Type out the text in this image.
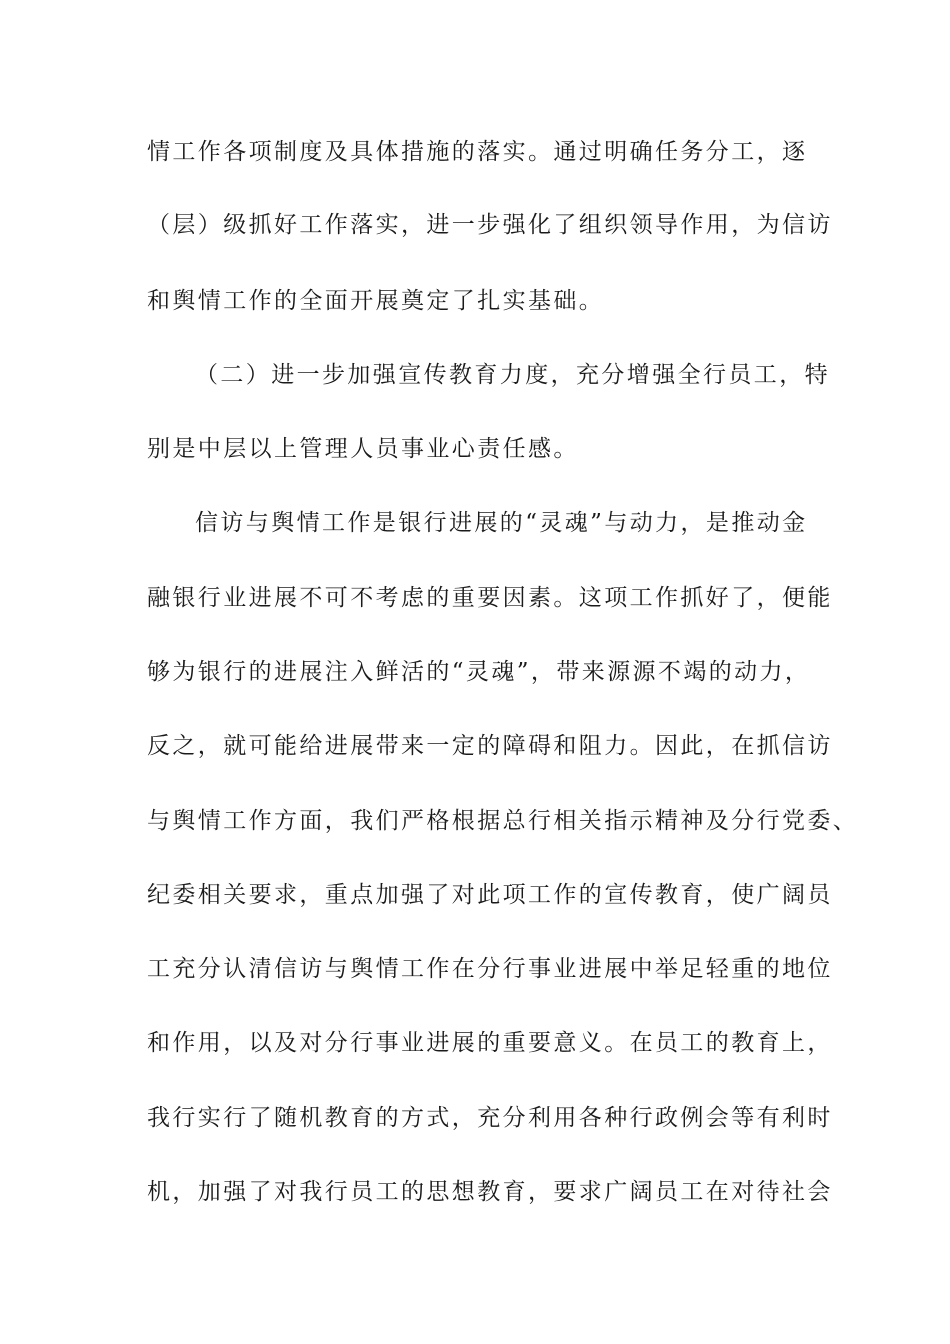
情工作各项制度及具体措施的落实。通过明确任务分工，逐
（层）级抓好工作落实，进一步强化了组织领导作用，为信访
和舆情工作的全面开展奠定了扎实基础。
（二）进一步加强宣传教育力度，充分增强全行员工，特
别是中层以上管理人员事业心责任感。
信访与舆情工作是银行进展的“灵魂”与动力，是推动金
融银行业进展不可不考虑的重要因素。这项工作抓好了，便能
够为银行的进展注入鲜活的“灵魂”，带来源源不竭的动力，
反之，就可能给进展带来一定的障碍和阻力。因此，在抓信访
与舆情工作方面，我们严格根据总行相关指示精神及分行党委、
纪委相关要求，重点加强了对此项工作的宣传教育，使广阔员
工充分认清信访与舆情工作在分行事业进展中举足轻重的地位
和作用，以及对分行事业进展的重要意义。在员工的教育上，
我行实行了随机教育的方式，充分利用各种行政例会等有利时
机，加强了对我行员工的思想教育，要求广阔员工在对待社会
